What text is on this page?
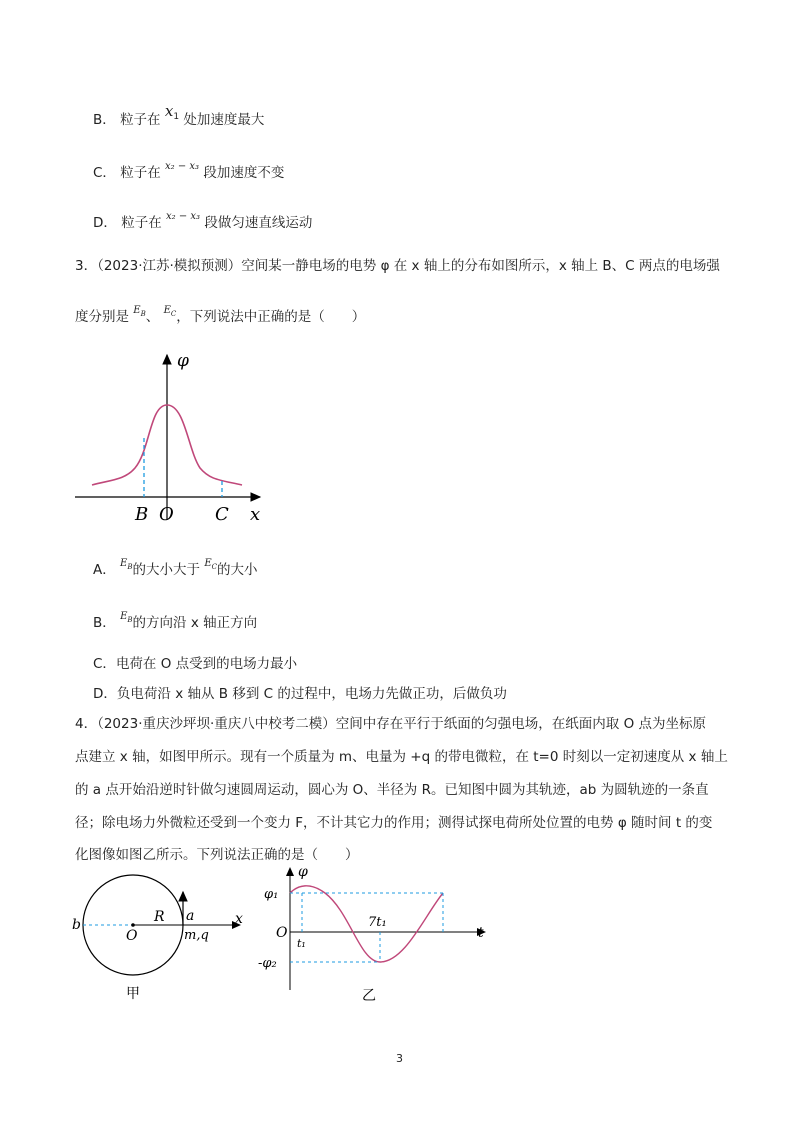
B． 粒子在 $x_1$ 处加速度最大
C． 粒子在 $^{x_2 - x_3}$ 段加速度不变
D． 粒子在 $^{x_2 - x_3}$ 段做匀速直线运动
3．（2023·江苏·模拟预测）空间某一静电场的电势 φ 在 x 轴上的分布如图所示，x 轴上 B、C 两点的电场强
度分别是 $^E_B$、 $^E_C$，下列说法中正确的是（　　）
φ
B O C x
A． $^E_B$的大小大于 $^E_C$的大小
B． $^E_B$的方向沿 x 轴正方向
C．电荷在 O 点受到的电场力最小
D．负电荷沿 x 轴从 B 移到 C 的过程中，电场力先做正功，后做负功
4．（2023·重庆沙坪坝·重庆八中校考二模）空间中存在平行于纸面的匀强电场，在纸面内取 O 点为坐标原
点建立 x 轴，如图甲所示。现有一个质量为 m、电量为 +q 的带电微粒，在 t=0 时刻以一定初速度从 x 轴上
的 a 点开始沿逆时针做匀速圆周运动，圆心为 O、半径为 R。已知图中圆为其轨迹，ab 为圆轨迹的一条直
径；除电场力外微粒还受到一个变力 F，不计其它力的作用；测得试探电荷所处位置的电势 φ 随时间 t 的变
化图像如图乙所示。下列说法正确的是（　　）
b
O
R a
m,q
x
甲
φ
φ₁
O
t₁
7t₁
t
-φ₂
乙
3
